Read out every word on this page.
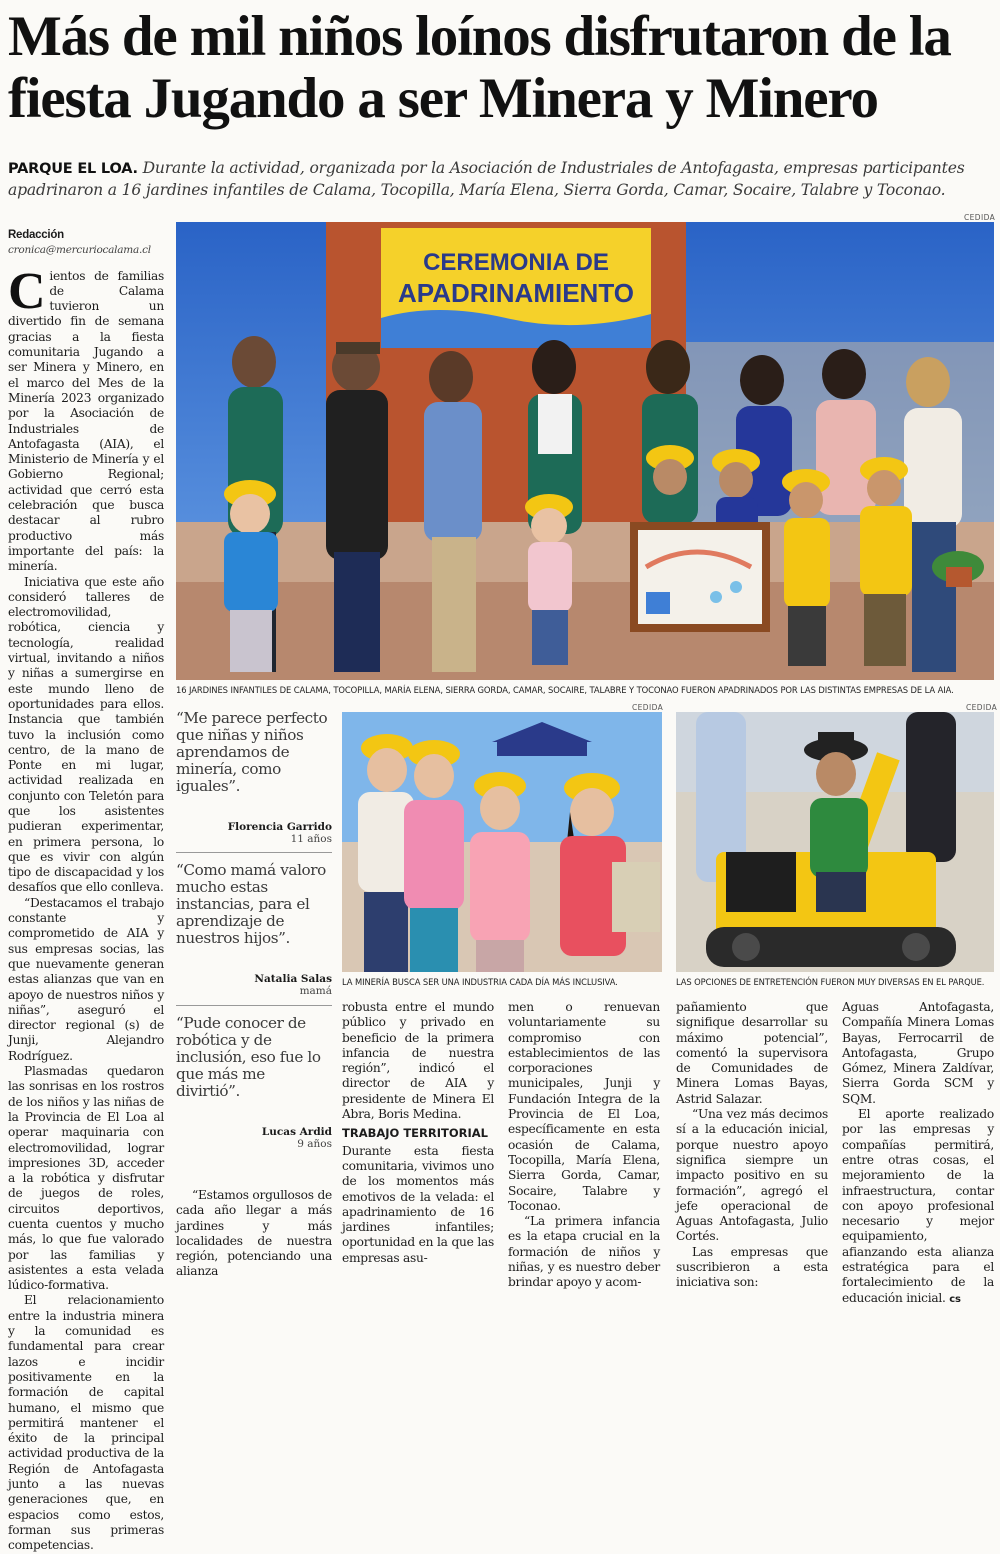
Más de mil niños loínos disfrutaron de la fiesta Jugando a ser Minera y Minero
PARQUE EL LOA. Durante la actividad, organizada por la Asociación de Industriales de Antofagasta, empresas participantes apadrinaron a 16 jardines infantiles de Calama, Tocopilla, María Elena, Sierra Gorda, Camar, Socaire, Talabre y Toconao.
Redacción
cronica@mercuriocalama.cl

Cientos de familias de Calama tuvieron un divertido fin de semana gracias a la fiesta comunitaria Jugando a ser Minera y Minero, en el marco del Mes de la Minería 2023 organizado por la Asociación de Industriales de Antofagasta (AIA), el Ministerio de Minería y el Gobierno Regional; actividad que cerró esta celebración que busca destacar al rubro productivo más importante del país: la minería.

Iniciativa que este año consideró talleres de electromovilidad, robótica, ciencia y tecnología, realidad virtual, invitando a niños y niñas a sumergirse en este mundo lleno de oportunidades para ellos. Instancia que también tuvo la inclusión como centro, de la mano de Ponte en mi lugar, actividad realizada en conjunto con Teletón para que los asistentes pudieran experimentar, en primera persona, lo que es vivir con algún tipo de discapacidad y los desafíos que ello conlleva.

“Destacamos el trabajo constante y comprometido de AIA y sus empresas socias, las que nuevamente generan estas alianzas que van en apoyo de nuestros niños y niñas”, aseguró el director regional (s) de Junji, Alejandro Rodríguez.

Plasmadas quedaron las sonrisas en los rostros de los niños y las niñas de la Provincia de El Loa al operar maquinaria con electromovilidad, lograr impresiones 3D, acceder a la robótica y disfrutar de juegos de roles, circuitos deportivos, cuenta cuentos y mucho más, lo que fue valorado por las familias y asistentes a esta velada lúdico-formativa.

El relacionamiento entre la industria minera y la comunidad es fundamental para crear lazos e incidir positivamente en la formación de capital humano, el mismo que permitirá mantener el éxito de la principal actividad productiva de la Región de Antofagasta junto a las nuevas generaciones que, en espacios como estos, forman sus primeras competencias.

CEDIDA
CEREMONIA DE
APADRINAMIENTO
16 JARDINES INFANTILES DE CALAMA, TOCOPILLA, MARÍA ELENA, SIERRA GORDA, CAMAR, SOCAIRE, TALABRE Y TOCONAO FUERON APADRINADOS POR LAS DISTINTAS EMPRESAS DE LA AIA.
“Me parece perfecto que niñas y niños aprendamos de minería, como iguales”.
Florencia Garrido
11 años
“Como mamá valoro mucho estas instancias, para el aprendizaje de nuestros hijos”.
Natalia Salas
mamá
“Pude conocer de robótica y de inclusión, eso fue lo que más me divirtió”.
Lucas Ardid
9 años

“Estamos orgullosos de cada año llegar a más jardines y más localidades de nuestra región, potenciando una alianza

CEDIDA
LA MINERÍA BUSCA SER UNA INDUSTRIA CADA DÍA MÁS INCLUSIVA.
CEDIDA
LAS OPCIONES DE ENTRETENCIÓN FUERON MUY DIVERSAS EN EL PARQUE.

robusta entre el mundo público y privado en beneficio de la primera infancia de nuestra región”, indicó el director de AIA y presidente de Minera El Abra, Boris Medina.

TRABAJO TERRITORIAL

Durante esta fiesta comunitaria, vivimos uno de los momentos más emotivos de la velada: el apadrinamiento de 16 jardines infantiles; oportunidad en la que las empresas asu-

men o renuevan voluntariamente su compromiso con establecimientos de las corporaciones municipales, Junji y Fundación Integra de la Provincia de El Loa, específicamente en esta ocasión de Calama, Tocopilla, María Elena, Sierra Gorda, Camar, Socaire, Talabre y Toconao.

“La primera infancia es la etapa crucial en la formación de niños y niñas, y es nuestro deber brindar apoyo y acom-

pañamiento que signifique desarrollar su máximo potencial”, comentó la supervisora de Comunidades de Minera Lomas Bayas, Astrid Salazar.

“Una vez más decimos sí a la educación inicial, porque nuestro apoyo significa siempre un impacto positivo en su formación”, agregó el jefe operacional de Aguas Antofagasta, Julio Cortés.

Las empresas que suscribieron a esta iniciativa son:

Aguas Antofagasta, Compañía Minera Lomas Bayas, Ferrocarril de Antofagasta, Grupo Gómez, Minera Zaldívar, Sierra Gorda SCM y SQM.

El aporte realizado por las empresas y compañías permitirá, entre otras cosas, el mejoramiento de la infraestructura, contar con apoyo profesional necesario y mejor equipamiento, afianzando esta alianza estratégica para el fortalecimiento de la educación inicial. cs
